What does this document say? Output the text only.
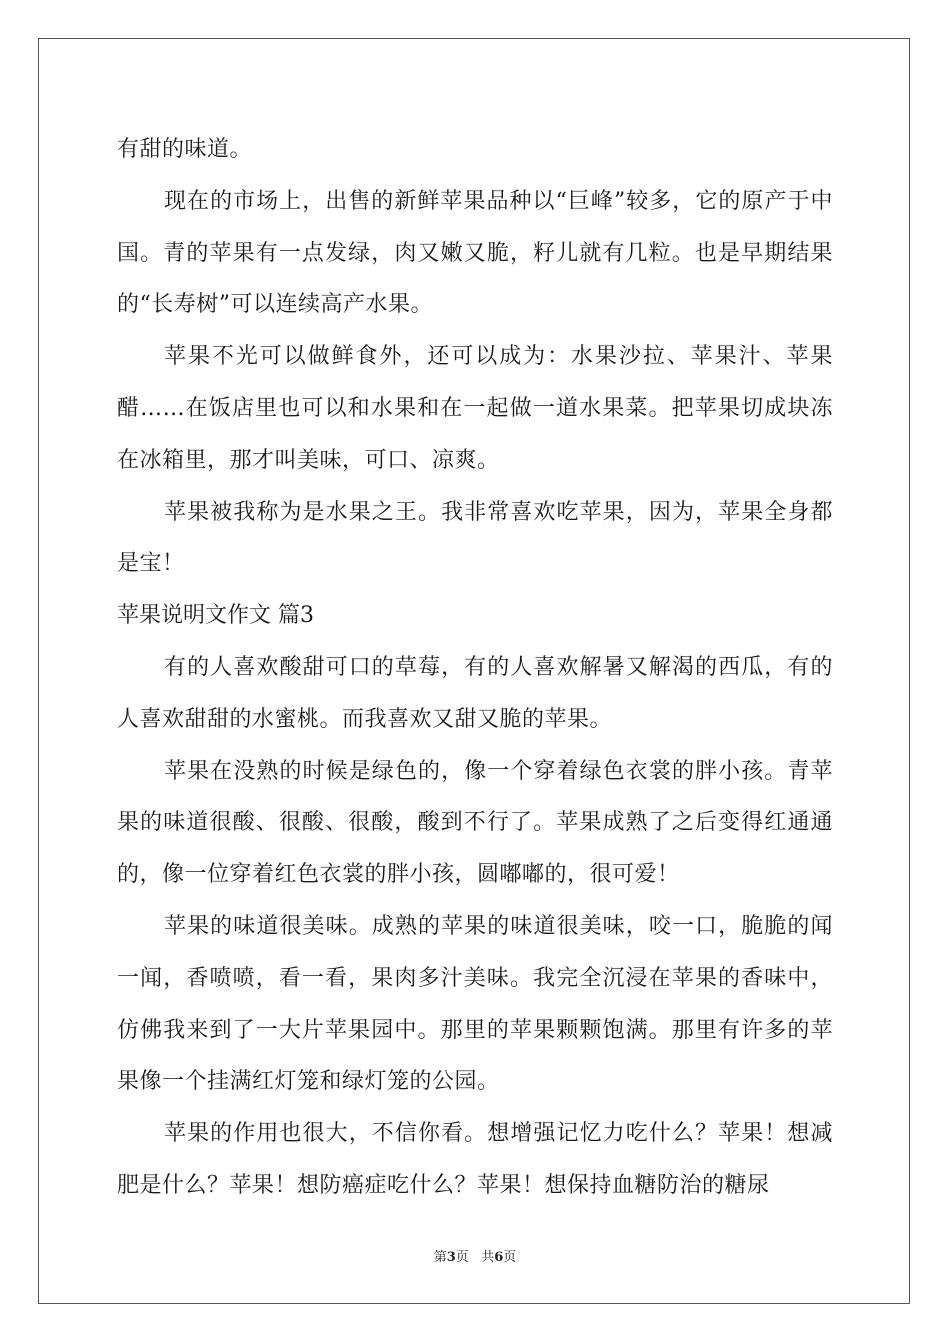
有甜的味道。

现在的市场上，出售的新鲜苹果品种以“巨峰”较多，它的原产于中国。青的苹果有一点发绿，肉又嫩又脆，籽儿就有几粒。也是早期结果的“长寿树”可以连续高产水果。

苹果不光可以做鲜食外，还可以成为：水果沙拉、苹果汁、苹果醋……在饭店里也可以和水果和在一起做一道水果菜。把苹果切成块冻在冰箱里，那才叫美味，可口、凉爽。

苹果被我称为是水果之王。我非常喜欢吃苹果，因为，苹果全身都是宝！

苹果说明文作文 篇3

有的人喜欢酸甜可口的草莓，有的人喜欢解暑又解渴的西瓜，有的人喜欢甜甜的水蜜桃。而我喜欢又甜又脆的苹果。

苹果在没熟的时候是绿色的，像一个穿着绿色衣裳的胖小孩。青苹果的味道很酸、很酸、很酸，酸到不行了。苹果成熟了之后变得红通通的，像一位穿着红色衣裳的胖小孩，圆嘟嘟的，很可爱！

苹果的味道很美味。成熟的苹果的味道很美味，咬一口，脆脆的闻一闻，香喷喷，看一看，果肉多汁美味。我完全沉浸在苹果的香味中，仿佛我来到了一大片苹果园中。那里的苹果颗颗饱满。那里有许多的苹果像一个挂满红灯笼和绿灯笼的公园。

苹果的作用也很大，不信你看。想增强记忆力吃什么？苹果！想减肥是什么？苹果！想防癌症吃什么？苹果！想保持血糖防治的糖尿

第3页 共6页
